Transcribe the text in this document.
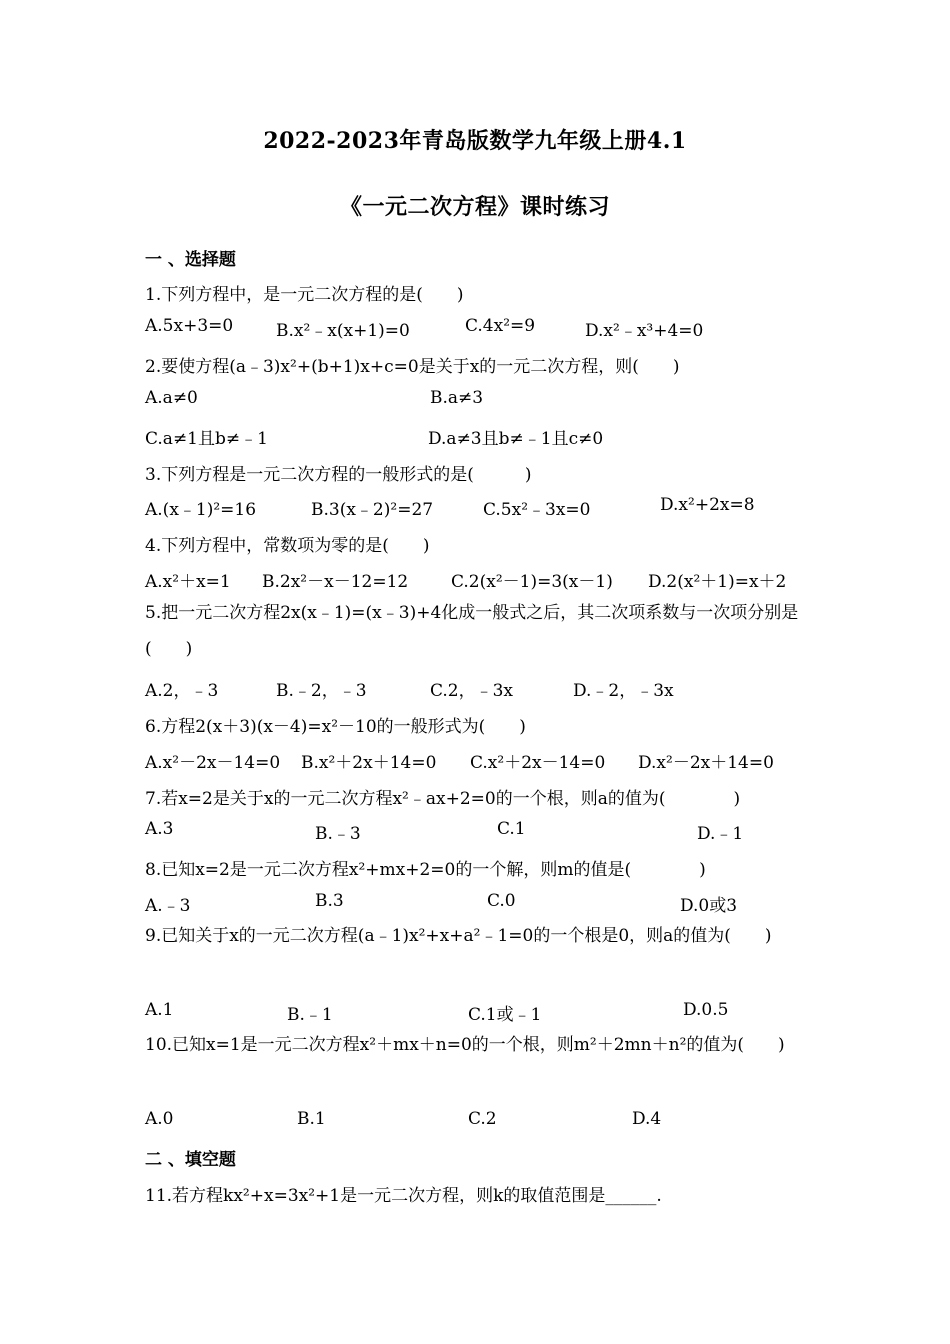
2022-2023年青岛版数学九年级上册4.1
《一元二次方程》课时练习
一 、选择题
1.下列方程中，是一元二次方程的是(　　)
A.5x+3=0	B.x²﹣x(x+1)=0	C.4x²=9	D.x²﹣x³+4=0
2.要使方程(a﹣3)x²+(b+1)x+c=0是关于x的一元二次方程，则(　　)
A.a≠0	B.a≠3
C.a≠1且b≠﹣1	D.a≠3且b≠﹣1且c≠0
3.下列方程是一元二次方程的一般形式的是(　　　)
A.(x﹣1)²=16	B.3(x﹣2)²=27	C.5x²﹣3x=0	D.x²+2x=8
4.下列方程中，常数项为零的是(　　)
A.x²＋x=1 B.2x²－x－12=12	C.2(x²－1)=3(x－1) D.2(x²＋1)=x＋2
5.把一元二次方程2x(x﹣1)=(x﹣3)+4化成一般式之后，其二次项系数与一次项分别是(　　)
A.2，﹣3	B.﹣2，﹣3	C.2，﹣3x	D.﹣2，﹣3x
6.方程2(x＋3)(x－4)=x²－10的一般形式为(　　)
A.x²－2x－14=0 B.x²＋2x＋14=0 C.x²＋2x－14=0 D.x²－2x＋14=0
7.若x=2是关于x的一元二次方程x²﹣ax+2=0的一个根，则a的值为(　　　　)
A.3	B.﹣3	C.1	D.﹣1
8.已知x=2是一元二次方程x²+mx+2=0的一个解，则m的值是(　　　　)
A.﹣3	B.3	C.0	D.0或3
9.已知关于x的一元二次方程(a﹣1)x²+x+a²﹣1=0的一个根是0，则a的值为(　　)
A.1	B.﹣1	C.1或﹣1	D.0.5
10.已知x=1是一元二次方程x²＋mx＋n=0的一个根，则m²＋2mn＋n²的值为(　　)
A.0	B.1	C.2	D.4
二 、填空题
11.若方程kx²+x=3x²+1是一元二次方程，则k的取值范围是______.
